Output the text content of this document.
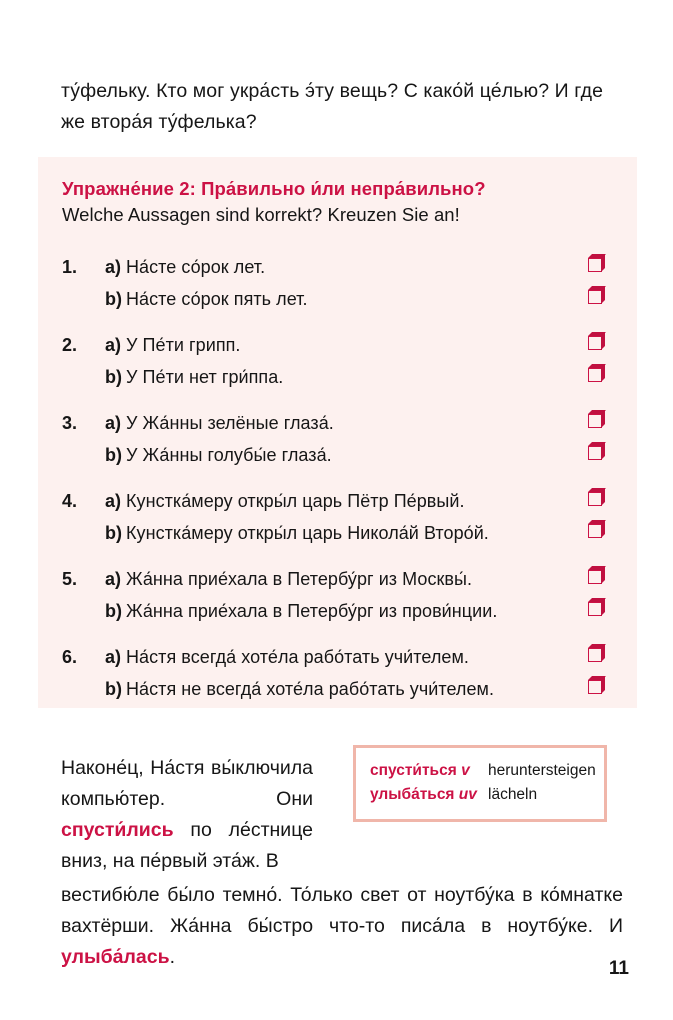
ту́фельку. Кто мог укра́сть э́ту вещь? С како́й це́лью? И где же втора́я ту́фелька?

Упражне́ние 2: Пра́вильно и́ли непра́вильно?
Welche Aussagen sind korrekt? Kreuzen Sie an!
1.	a) На́сте со́рок лет.
b) На́сте со́рок пять лет.
2.	a) У Пе́ти грипп.
b) У Пе́ти нет гри́ппа.
3.	a) У Жа́нны зелёные глаза́.
b) У Жа́нны голубы́е глаза́.
4.	a) Кунстка́меру откры́л царь Пётр Пе́рвый.
b) Кунстка́меру откры́л царь Никола́й Второ́й.
5.	a) Жа́нна прие́хала в Петербу́рг из Москвы́.
b) Жа́нна прие́хала в Петербу́рг из прови́нции.
6.	a) На́стя всегда́ хоте́ла рабо́тать учи́телем.
b) На́стя не всегда́ хоте́ла рабо́тать учи́телем.
спусти́ться v	heruntersteigen
улыба́ться uv lächeln

Наконе́ц, На́стя вы́ключила компью́тер. Они спусти́лись по ле́стнице вниз, на пе́рвый эта́ж. В

вестибю́ле бы́ло темно́. То́лько свет от ноутбу́ка в ко́мнатке вахтёрши. Жа́нна бы́стро что-то писа́ла в ноутбу́ке. И улыба́лась.

11
